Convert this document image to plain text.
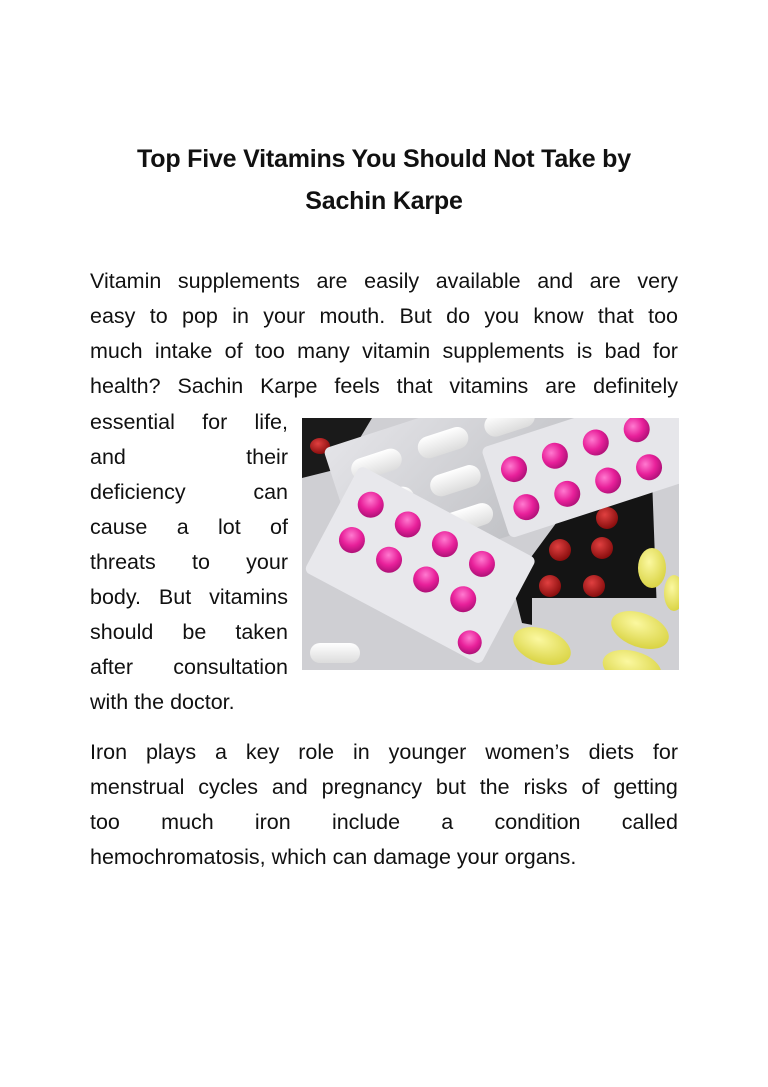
Top Five Vitamins You Should Not Take by
Sachin Karpe
Vitamin supplements are easily available and are very
easy to pop in your mouth. But do you know that too
much intake of too many vitamin supplements is bad for
health? Sachin Karpe feels that vitamins are definitely
essential for life,
and	their
deficiency	can
cause a lot of
threats to your
body. But vitamins
should be taken
after consultation
with the doctor.
Iron plays a key role in younger women’s diets for
menstrual cycles and pregnancy but the risks of getting
too much iron include a condition called
hemochromatosis, which can damage your organs.
